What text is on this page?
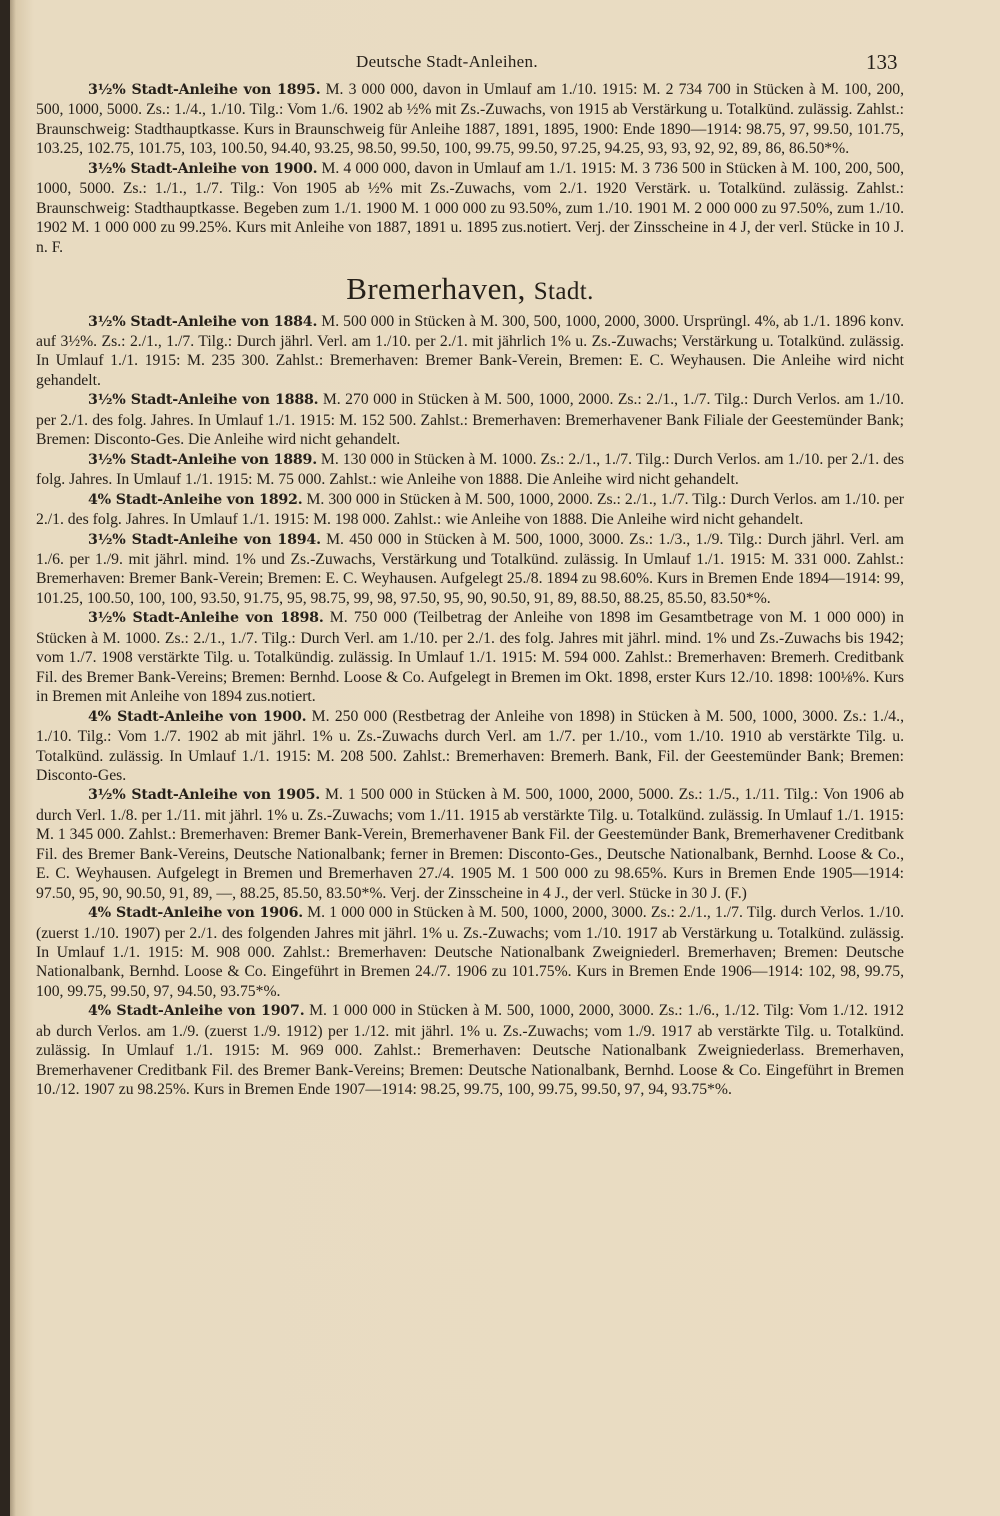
Deutsche Stadt-Anleihen.	133

3½% Stadt-Anleihe von 1895. M. 3 000 000, davon in Umlauf am 1./10. 1915: M. 2 734 700 in Stücken à M. 100, 200, 500, 1000, 5000. Zs.: 1./4., 1./10. Tilg.: Vom 1./6. 1902 ab ½% mit Zs.-Zuwachs, von 1915 ab Verstärkung u. Totalkünd. zulässig. Zahlst.: Braunschweig: Stadthauptkasse. Kurs in Braunschweig für Anleihe 1887, 1891, 1895, 1900: Ende 1890—1914: 98.75, 97, 99.50, 101.75, 103.25, 102.75, 101.75, 103, 100.50, 94.40, 93.25, 98.50, 99.50, 100, 99.75, 99.50, 97.25, 94.25, 93, 93, 92, 92, 89, 86, 86.50*%.

3½% Stadt-Anleihe von 1900. M. 4 000 000, davon in Umlauf am 1./1. 1915: M. 3 736 500 in Stücken à M. 100, 200, 500, 1000, 5000. Zs.: 1./1., 1./7. Tilg.: Von 1905 ab ½% mit Zs.-Zuwachs, vom 2./1. 1920 Verstärk. u. Totalkünd. zulässig. Zahlst.: Braunschweig: Stadthauptkasse. Begeben zum 1./1. 1900 M. 1 000 000 zu 93.50%, zum 1./10. 1901 M. 2 000 000 zu 97.50%, zum 1./10. 1902 M. 1 000 000 zu 99.25%. Kurs mit Anleihe von 1887, 1891 u. 1895 zus.notiert. Verj. der Zinsscheine in 4 J, der verl. Stücke in 10 J. n. F.

Bremerhaven, Stadt.

3½% Stadt-Anleihe von 1884. M. 500 000 in Stücken à M. 300, 500, 1000, 2000, 3000. Ursprüngl. 4%, ab 1./1. 1896 konv. auf 3½%. Zs.: 2./1., 1./7. Tilg.: Durch jährl. Verl. am 1./10. per 2./1. mit jährlich 1% u. Zs.-Zuwachs; Verstärkung u. Totalkünd. zulässig. In Umlauf 1./1. 1915: M. 235 300. Zahlst.: Bremerhaven: Bremer Bank-Verein, Bremen: E. C. Weyhausen. Die Anleihe wird nicht gehandelt.

3½% Stadt-Anleihe von 1888. M. 270 000 in Stücken à M. 500, 1000, 2000. Zs.: 2./1., 1./7. Tilg.: Durch Verlos. am 1./10. per 2./1. des folg. Jahres. In Umlauf 1./1. 1915: M. 152 500. Zahlst.: Bremerhaven: Bremerhavener Bank Filiale der Geestemünder Bank; Bremen: Disconto-Ges. Die Anleihe wird nicht gehandelt.

3½% Stadt-Anleihe von 1889. M. 130 000 in Stücken à M. 1000. Zs.: 2./1., 1./7. Tilg.: Durch Verlos. am 1./10. per 2./1. des folg. Jahres. In Umlauf 1./1. 1915: M. 75 000. Zahlst.: wie Anleihe von 1888. Die Anleihe wird nicht gehandelt.

4% Stadt-Anleihe von 1892. M. 300 000 in Stücken à M. 500, 1000, 2000. Zs.: 2./1., 1./7. Tilg.: Durch Verlos. am 1./10. per 2./1. des folg. Jahres. In Umlauf 1./1. 1915: M. 198 000. Zahlst.: wie Anleihe von 1888. Die Anleihe wird nicht gehandelt.

3½% Stadt-Anleihe von 1894. M. 450 000 in Stücken à M. 500, 1000, 3000. Zs.: 1./3., 1./9. Tilg.: Durch jährl. Verl. am 1./6. per 1./9. mit jährl. mind. 1% und Zs.-Zuwachs, Verstärkung und Totalkünd. zulässig. In Umlauf 1./1. 1915: M. 331 000. Zahlst.: Bremerhaven: Bremer Bank-Verein; Bremen: E. C. Weyhausen. Aufgelegt 25./8. 1894 zu 98.60%. Kurs in Bremen Ende 1894—1914: 99, 101.25, 100.50, 100, 100, 93.50, 91.75, 95, 98.75, 99, 98, 97.50, 95, 90, 90.50, 91, 89, 88.50, 88.25, 85.50, 83.50*%.

3½% Stadt-Anleihe von 1898. M. 750 000 (Teilbetrag der Anleihe von 1898 im Gesamtbetrage von M. 1 000 000) in Stücken à M. 1000. Zs.: 2./1., 1./7. Tilg.: Durch Verl. am 1./10. per 2./1. des folg. Jahres mit jährl. mind. 1% und Zs.-Zuwachs bis 1942; vom 1./7. 1908 verstärkte Tilg. u. Totalkündig. zulässig. In Umlauf 1./1. 1915: M. 594 000. Zahlst.: Bremerhaven: Bremerh. Creditbank Fil. des Bremer Bank-Vereins; Bremen: Bernhd. Loose & Co. Aufgelegt in Bremen im Okt. 1898, erster Kurs 12./10. 1898: 100⅛%. Kurs in Bremen mit Anleihe von 1894 zus.notiert.

4% Stadt-Anleihe von 1900. M. 250 000 (Restbetrag der Anleihe von 1898) in Stücken à M. 500, 1000, 3000. Zs.: 1./4., 1./10. Tilg.: Vom 1./7. 1902 ab mit jährl. 1% u. Zs.-Zuwachs durch Verl. am 1./7. per 1./10., vom 1./10. 1910 ab verstärkte Tilg. u. Totalkünd. zulässig. In Umlauf 1./1. 1915: M. 208 500. Zahlst.: Bremerhaven: Bremerh. Bank, Fil. der Geestemünder Bank; Bremen: Disconto-Ges.

3½% Stadt-Anleihe von 1905. M. 1 500 000 in Stücken à M. 500, 1000, 2000, 5000. Zs.: 1./5., 1./11. Tilg.: Von 1906 ab durch Verl. 1./8. per 1./11. mit jährl. 1% u. Zs.-Zuwachs; vom 1./11. 1915 ab verstärkte Tilg. u. Totalkünd. zulässig. In Umlauf 1./1. 1915: M. 1 345 000. Zahlst.: Bremerhaven: Bremer Bank-Verein, Bremerhavener Bank Fil. der Geestemünder Bank, Bremerhavener Creditbank Fil. des Bremer Bank-Vereins, Deutsche Nationalbank; ferner in Bremen: Disconto-Ges., Deutsche Nationalbank, Bernhd. Loose & Co., E. C. Weyhausen. Aufgelegt in Bremen und Bremerhaven 27./4. 1905 M. 1 500 000 zu 98.65%. Kurs in Bremen Ende 1905—1914: 97.50, 95, 90, 90.50, 91, 89, —, 88.25, 85.50, 83.50*%. Verj. der Zinsscheine in 4 J., der verl. Stücke in 30 J. (F.)

4% Stadt-Anleihe von 1906. M. 1 000 000 in Stücken à M. 500, 1000, 2000, 3000. Zs.: 2./1., 1./7. Tilg. durch Verlos. 1./10. (zuerst 1./10. 1907) per 2./1. des folgenden Jahres mit jährl. 1% u. Zs.-Zuwachs; vom 1./10. 1917 ab Verstärkung u. Totalkünd. zulässig. In Umlauf 1./1. 1915: M. 908 000. Zahlst.: Bremerhaven: Deutsche Nationalbank Zweigniederl. Bremerhaven; Bremen: Deutsche Nationalbank, Bernhd. Loose & Co. Eingeführt in Bremen 24./7. 1906 zu 101.75%. Kurs in Bremen Ende 1906—1914: 102, 98, 99.75, 100, 99.75, 99.50, 97, 94.50, 93.75*%.

4% Stadt-Anleihe von 1907. M. 1 000 000 in Stücken à M. 500, 1000, 2000, 3000. Zs.: 1./6., 1./12. Tilg: Vom 1./12. 1912 ab durch Verlos. am 1./9. (zuerst 1./9. 1912) per 1./12. mit jährl. 1% u. Zs.-Zuwachs; vom 1./9. 1917 ab verstärkte Tilg. u. Totalkünd. zulässig. In Umlauf 1./1. 1915: M. 969 000. Zahlst.: Bremerhaven: Deutsche Nationalbank Zweigniederlass. Bremerhaven, Bremerhavener Creditbank Fil. des Bremer Bank-Vereins; Bremen: Deutsche Nationalbank, Bernhd. Loose & Co. Eingeführt in Bremen 10./12. 1907 zu 98.25%. Kurs in Bremen Ende 1907—1914: 98.25, 99.75, 100, 99.75, 99.50, 97, 94, 93.75*%.
